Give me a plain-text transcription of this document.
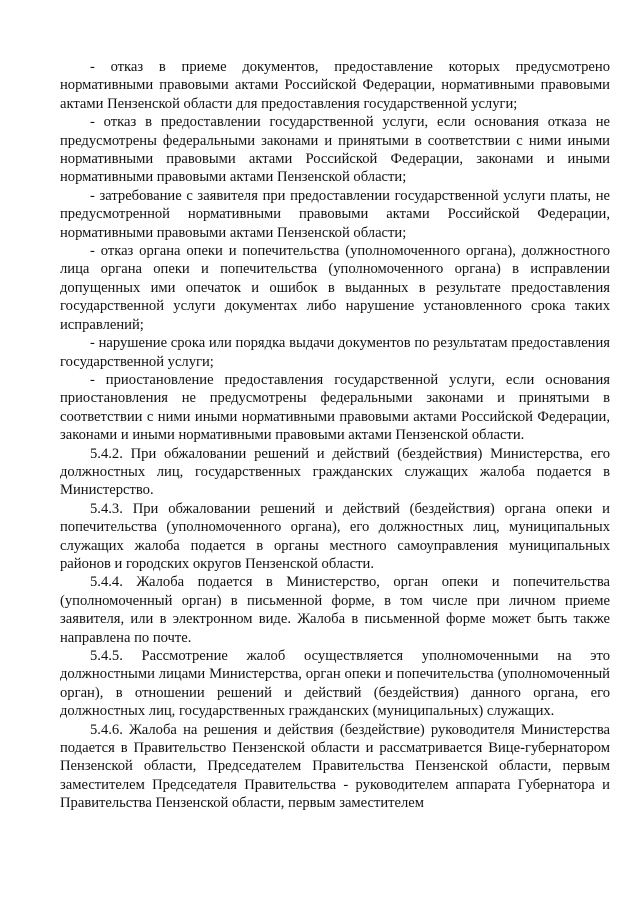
- отказ в приеме документов, предоставление которых предусмотрено нормативными правовыми актами Российской Федерации, нормативными правовыми актами Пензенской области для предоставления государственной услуги;

- отказ в предоставлении государственной услуги, если основания отказа не предусмотрены федеральными законами и принятыми в соответствии с ними иными нормативными правовыми актами Российской Федерации, законами и иными нормативными правовыми актами Пензенской области;

- затребование с заявителя при предоставлении государственной услуги платы, не предусмотренной нормативными правовыми актами Российской Федерации, нормативными правовыми актами Пензенской области;

- отказ органа опеки и попечительства (уполномоченного органа), должностного лица органа опеки и попечительства (уполномоченного органа) в исправлении допущенных ими опечаток и ошибок в выданных в результате предоставления государственной услуги документах либо нарушение установленного срока таких исправлений;

- нарушение срока или порядка выдачи документов по результатам предоставления государственной услуги;

- приостановление предоставления государственной услуги, если основания приостановления не предусмотрены федеральными законами и принятыми в соответствии с ними иными нормативными правовыми актами Российской Федерации, законами и иными нормативными правовыми актами Пензенской области.

5.4.2. При обжаловании решений и действий (бездействия) Министерства, его должностных лиц, государственных гражданских служащих жалоба подается в Министерство.

5.4.3. При обжаловании решений и действий (бездействия) органа опеки и попечительства (уполномоченного органа), его должностных лиц, муниципальных служащих жалоба подается в органы местного самоуправления муниципальных районов и городских округов Пензенской области.

5.4.4. Жалоба подается в Министерство, орган опеки и попечительства (уполномоченный орган) в письменной форме, в том числе при личном приеме заявителя, или в электронном виде. Жалоба в письменной форме может быть также направлена по почте.

5.4.5. Рассмотрение жалоб осуществляется уполномоченными на это должностными лицами Министерства, орган опеки и попечительства (уполномоченный орган), в отношении решений и действий (бездействия) данного органа, его должностных лиц, государственных гражданских (муниципальных) служащих.

5.4.6. Жалоба на решения и действия (бездействие) руководителя Министерства подается в Правительство Пензенской области и рассматривается Вице-губернатором Пензенской области, Председателем Правительства Пензенской области, первым заместителем Председателя Правительства - руководителем аппарата Губернатора и Правительства Пензенской области, первым заместителем
